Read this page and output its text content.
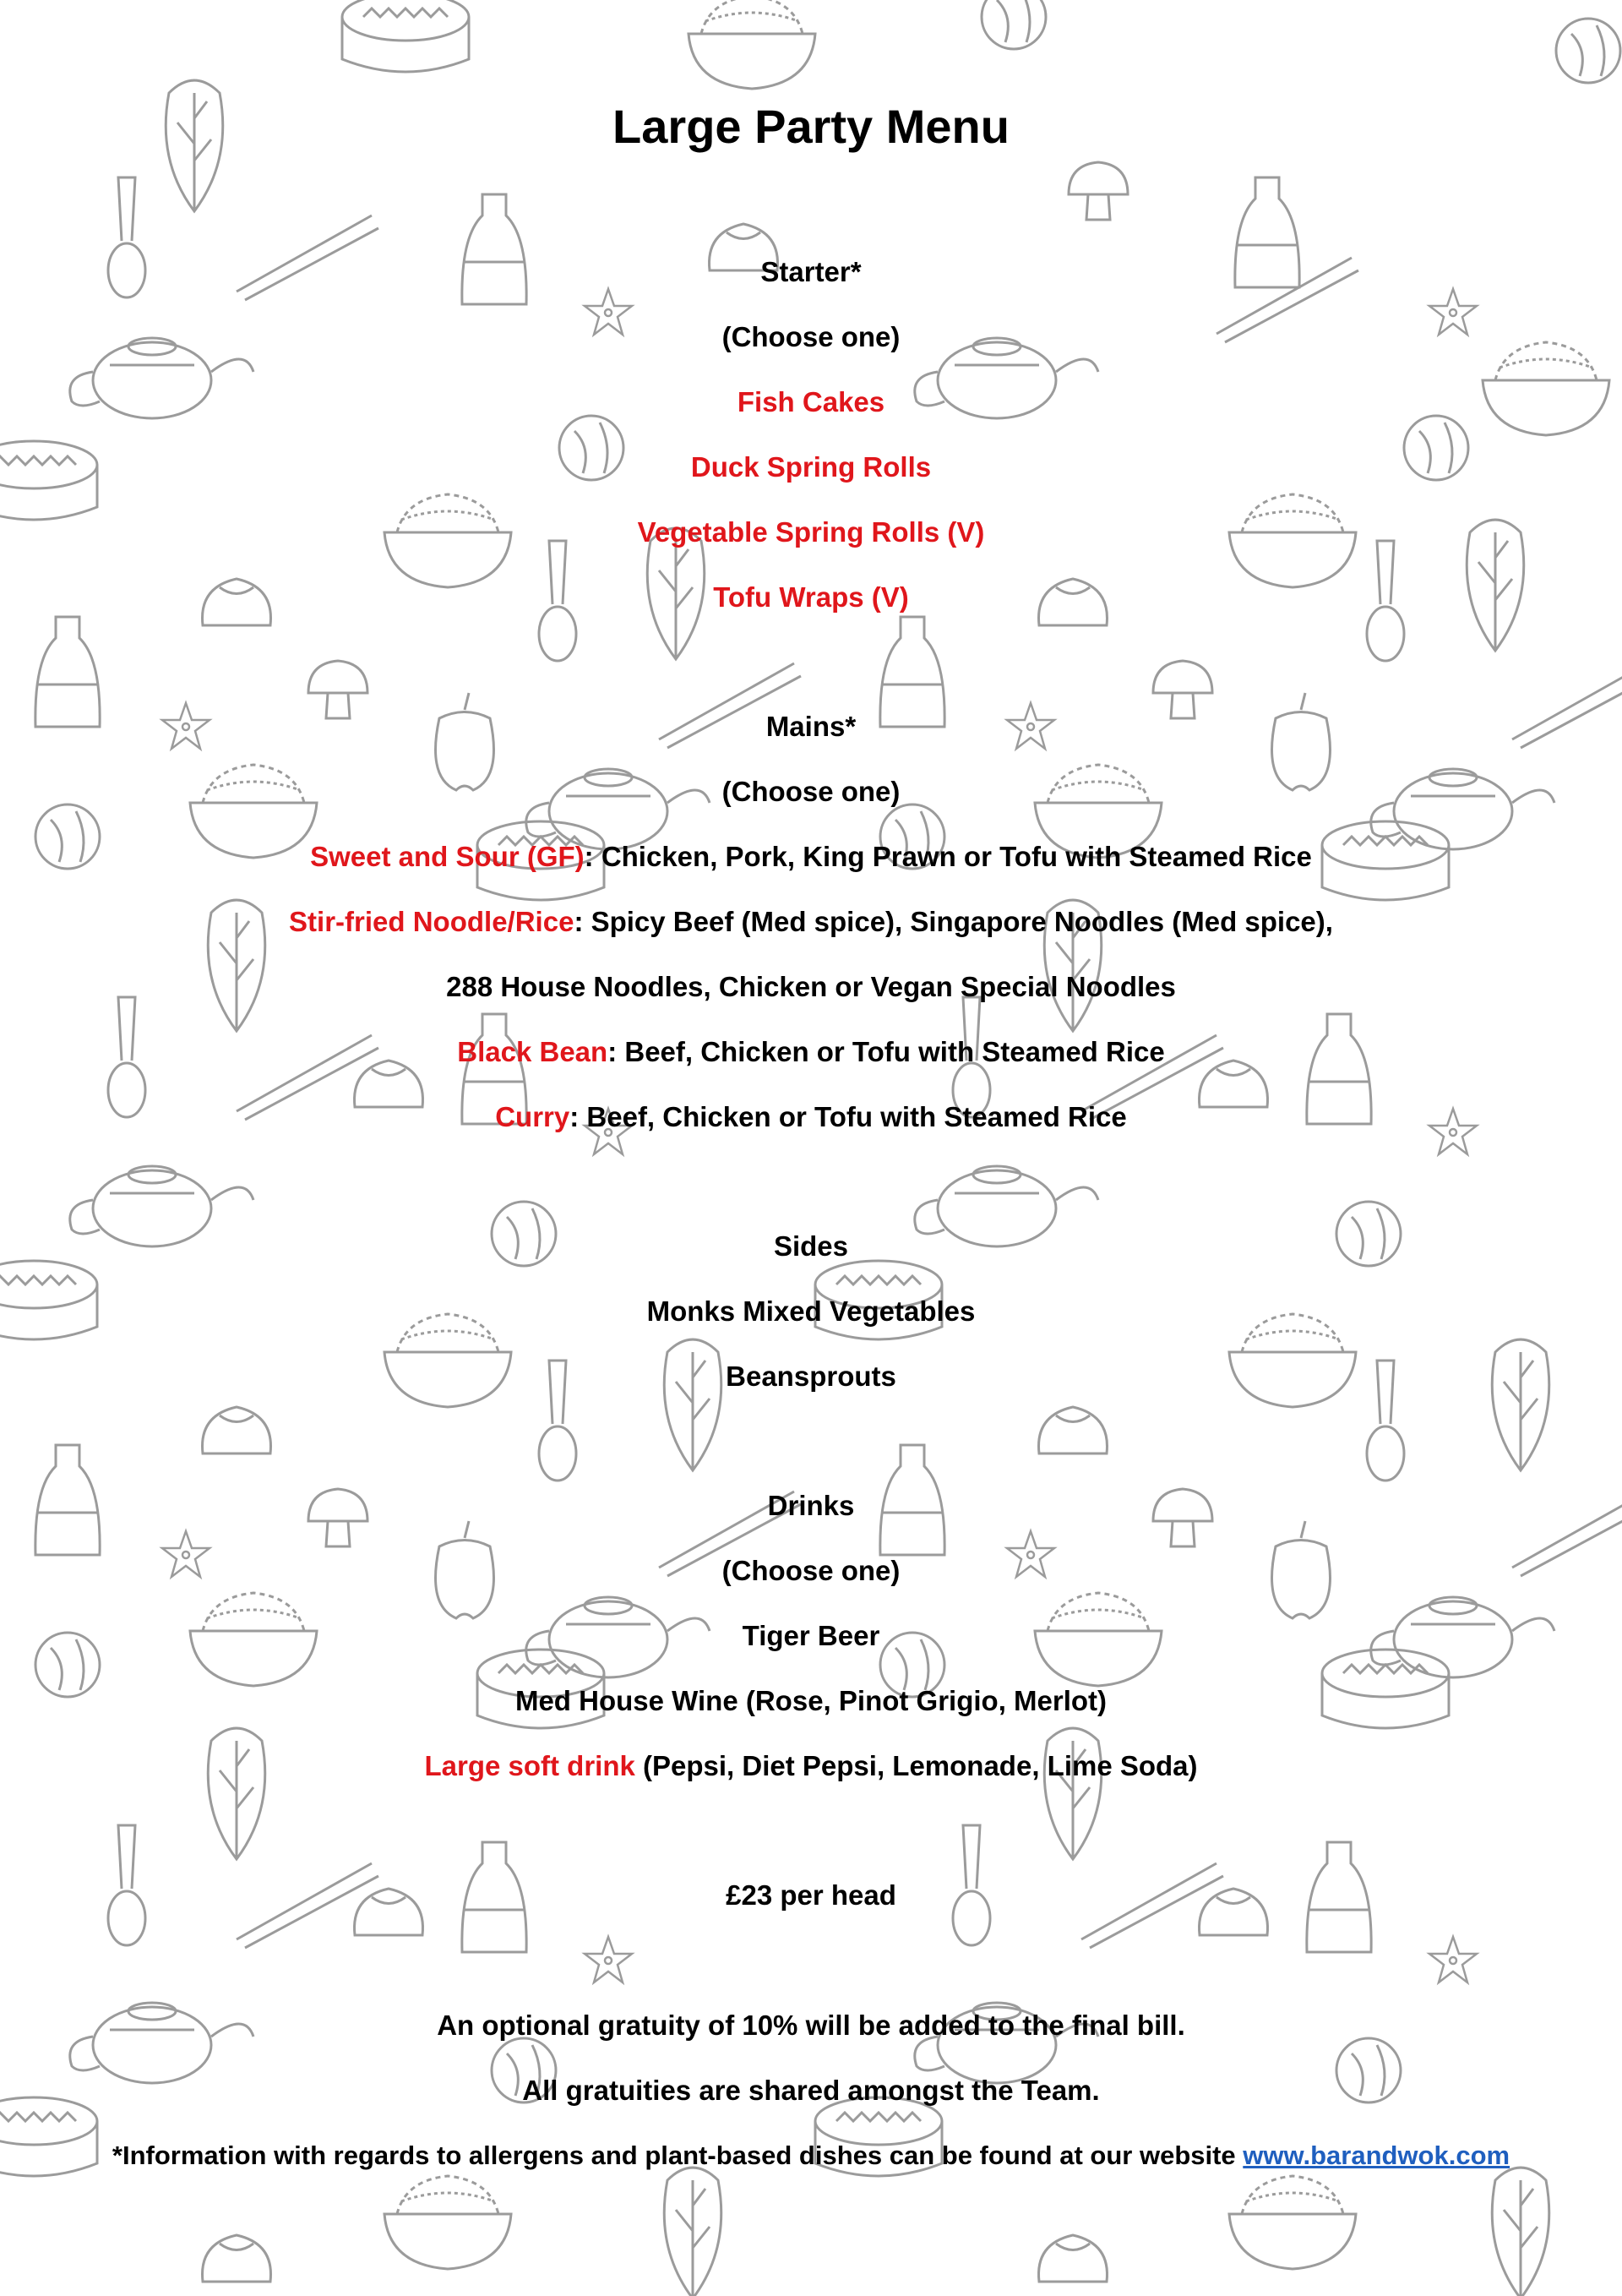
Large Party Menu
Starter*
(Choose one)
Fish Cakes
Duck Spring Rolls
Vegetable Spring Rolls (V)
Tofu Wraps (V)
Mains*
(Choose one)
Sweet and Sour (GF): Chicken, Pork, King Prawn or Tofu with Steamed Rice
Stir-fried Noodle/Rice: Spicy Beef (Med spice), Singapore Noodles (Med spice),
288 House Noodles, Chicken or Vegan Special Noodles
Black Bean: Beef, Chicken or Tofu with Steamed Rice
Curry: Beef, Chicken or Tofu with Steamed Rice
Sides
Monks Mixed Vegetables
Beansprouts
Drinks
(Choose one)
Tiger Beer
Med House Wine (Rose, Pinot Grigio, Merlot)
Large soft drink (Pepsi, Diet Pepsi, Lemonade, Lime Soda)
£23 per head
An optional gratuity of 10% will be added to the final bill.
All gratuities are shared amongst the Team.
*Information with regards to allergens and plant-based dishes can be found at our website www.barandwok.com
